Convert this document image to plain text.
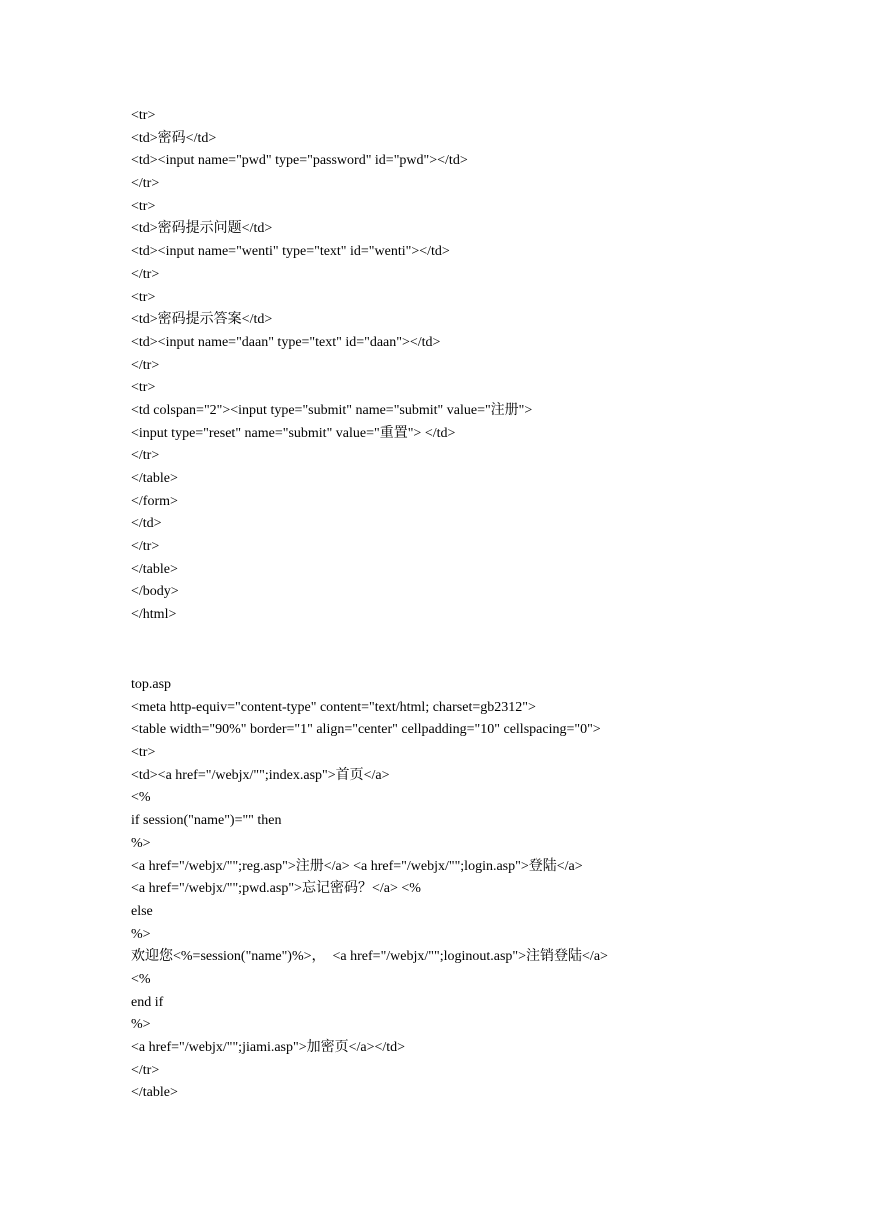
<tr>
<td>密码</td>
<td><input name="pwd" type="password" id="pwd"></td>
</tr>
<tr>
<td>密码提示问题</td>
<td><input name="wenti" type="text" id="wenti"></td>
</tr>
<tr>
<td>密码提示答案</td>
<td><input name="daan" type="text" id="daan"></td>
</tr>
<tr>
<td colspan="2"><input type="submit" name="submit" value="注册">
<input type="reset" name="submit" value="重置"> </td>
</tr>
</table>
</form>
</td>
</tr>
</table>
</body>
</html>
top.asp
<meta http-equiv="content-type" content="text/html; charset=gb2312">
<table width="90%" border="1" align="center" cellpadding="10" cellspacing="0">
<tr>
<td><a href="/webjx/"";index.asp">首页</a>
<%
if session("name")="" then
%>
<a href="/webjx/"";reg.asp">注册</a> <a href="/webjx/"";login.asp">登陆</a>
<a href="/webjx/"";pwd.asp">忘记密码？</a> <%
else
%>
欢迎您<%=session("name")%>，  <a href="/webjx/"";loginout.asp">注销登陆</a>
<%
end if
%>
<a href="/webjx/"";jiami.asp">加密页</a></td>
</tr>
</table>
